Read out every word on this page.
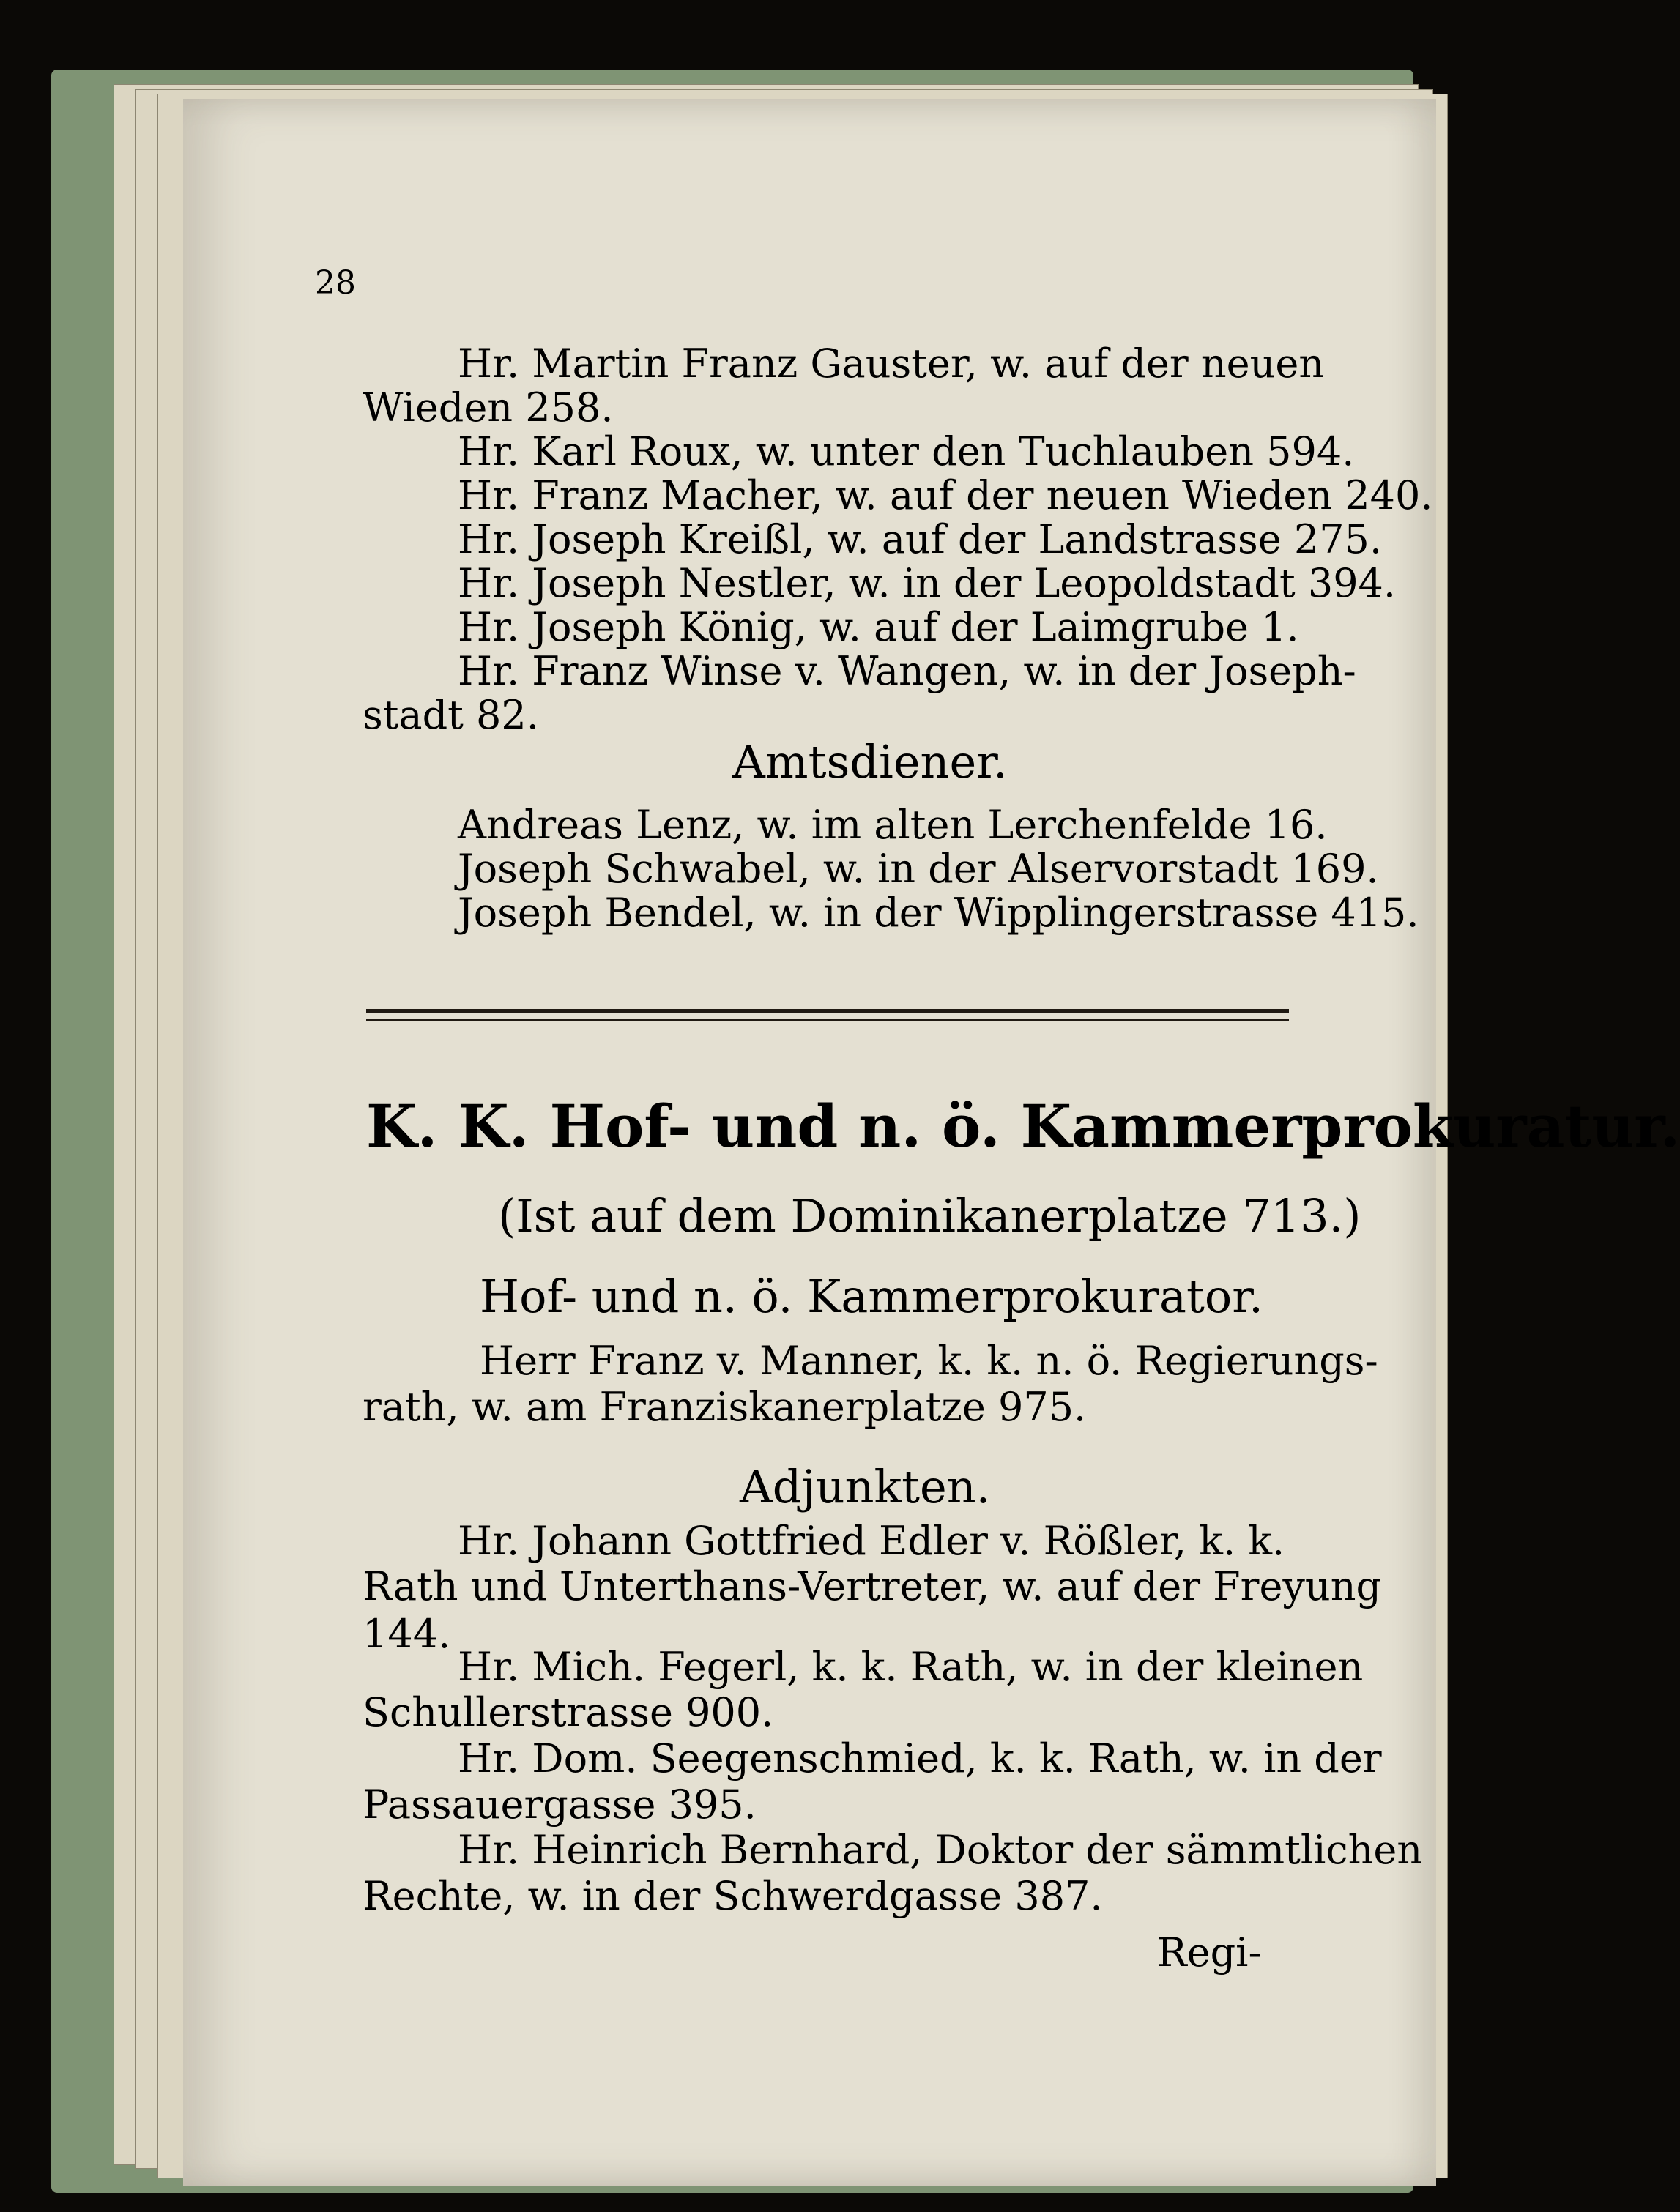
28
Hr. Martin Franz Gauster, w. auf der neuen
Wieden 258.
Hr. Karl Roux, w. unter den Tuchlauben 594.
Hr. Franz Macher, w. auf der neuen Wieden 240.
Hr. Joseph Kreißl, w. auf der Landstrasse 275.
Hr. Joseph Nestler, w. in der Leopoldstadt 394.
Hr. Joseph König, w. auf der Laimgrube 1.
Hr. Franz Winse v. Wangen, w. in der Joseph-
stadt 82.
Amtsdiener.
Andreas Lenz, w. im alten Lerchenfelde 16.
Joseph Schwabel, w. in der Alservorstadt 169.
Joseph Bendel, w. in der Wipplingerstrasse 415.
K. K. Hof- und n. ö. Kammerprokuratur.
(Ist auf dem Dominikanerplatze 713.)
Hof- und n. ö. Kammerprokurator.
Herr Franz v. Manner, k. k. n. ö. Regierungs-
rath, w. am Franziskanerplatze 975.
Adjunkten.
Hr. Johann Gottfried Edler v. Rößler, k. k.
Rath und Unterthans-Vertreter, w. auf der Freyung
144.
Hr. Mich. Fegerl, k. k. Rath, w. in der kleinen
Schullerstrasse 900.
Hr. Dom. Seegenschmied, k. k. Rath, w. in der
Passauergasse 395.
Hr. Heinrich Bernhard, Doktor der sämmtlichen
Rechte, w. in der Schwerdgasse 387.
Regi-
